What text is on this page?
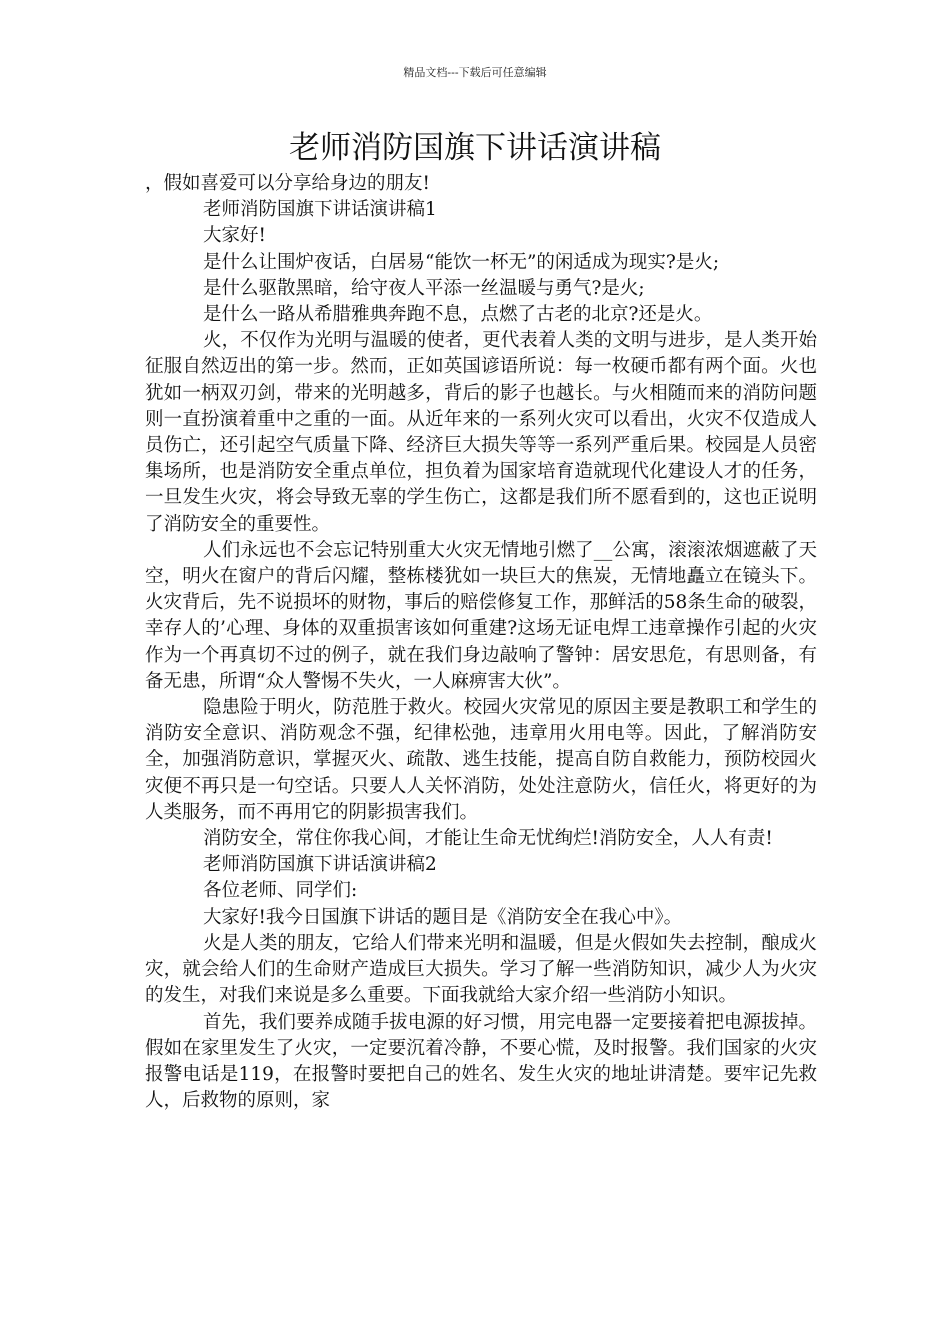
精品文档---下载后可任意编辑
老师消防国旗下讲话演讲稿

，假如喜爱可以分享给身边的朋友!

老师消防国旗下讲话演讲稿1

大家好!

是什么让围炉夜话，白居易“能饮一杯无”的闲适成为现实?是火;

是什么驱散黑暗，给守夜人平添一丝温暖与勇气?是火;

是什么一路从希腊雅典奔跑不息，点燃了古老的北京?还是火。

火，不仅作为光明与温暖的使者，更代表着人类的文明与进步，是人类开始征服自然迈出的第一步。然而，正如英国谚语所说：每一枚硬币都有两个面。火也犹如一柄双刃剑，带来的光明越多，背后的影子也越长。与火相随而来的消防问题则一直扮演着重中之重的一面。从近年来的一系列火灾可以看出，火灾不仅造成人员伤亡，还引起空气质量下降、经济巨大损失等等一系列严重后果。校园是人员密集场所，也是消防安全重点单位，担负着为国家培育造就现代化建设人才的任务，一旦发生火灾，将会导致无辜的学生伤亡，这都是我们所不愿看到的，这也正说明了消防安全的重要性。

人们永远也不会忘记特别重大火灾无情地引燃了__公寓，滚滚浓烟遮蔽了天空，明火在窗户的背后闪耀，整栋楼犹如一块巨大的焦炭，无情地矗立在镜头下。火灾背后，先不说损坏的财物，事后的赔偿修复工作，那鲜活的58条生命的破裂，幸存人的’心理、身体的双重损害该如何重建?这场无证电焊工违章操作引起的火灾作为一个再真切不过的例子，就在我们身边敲响了警钟：居安思危，有思则备，有备无患，所谓“众人警惕不失火，一人麻痹害大伙”。

隐患险于明火，防范胜于救火。校园火灾常见的原因主要是教职工和学生的消防安全意识、消防观念不强，纪律松弛，违章用火用电等。因此，了解消防安全，加强消防意识，掌握灭火、疏散、逃生技能，提高自防自救能力，预防校园火灾便不再只是一句空话。只要人人关怀消防，处处注意防火，信任火，将更好的为人类服务，而不再用它的阴影损害我们。

消防安全，常住你我心间，才能让生命无忧绚烂!消防安全，人人有责!

老师消防国旗下讲话演讲稿2

各位老师、同学们:

大家好!我今日国旗下讲话的题目是《消防安全在我心中》。

火是人类的朋友，它给人们带来光明和温暖，但是火假如失去控制，酿成火灾，就会给人们的生命财产造成巨大损失。学习了解一些消防知识，减少人为火灾的发生，对我们来说是多么重要。下面我就给大家介绍一些消防小知识。

首先，我们要养成随手拔电源的好习惯，用完电器一定要接着把电源拔掉。假如在家里发生了火灾，一定要沉着冷静，不要心慌，及时报警。我们国家的火灾报警电话是119，在报警时要把自己的姓名、发生火灾的地址讲清楚。要牢记先救人，后救物的原则，家
